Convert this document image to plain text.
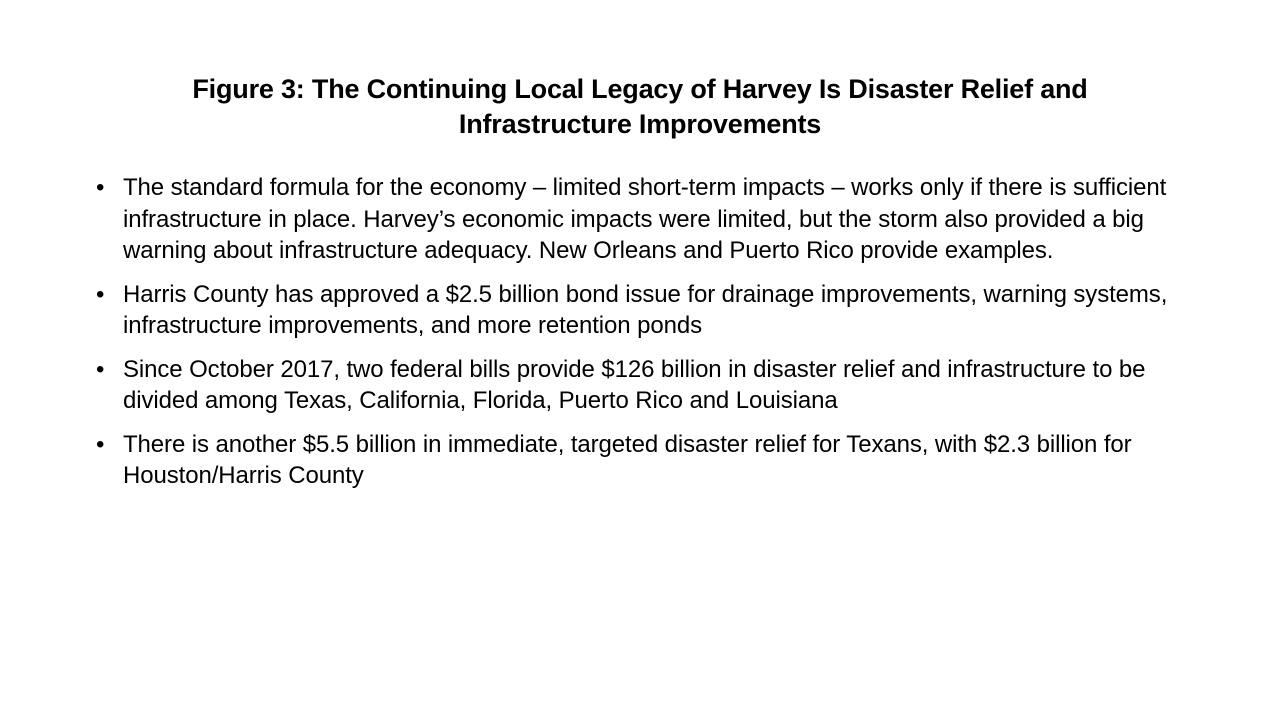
Figure 3: The Continuing Local Legacy of Harvey Is Disaster Relief and
Infrastructure Improvements
• The standard formula for the economy – limited short-term impacts – works only if there is sufficient infrastructure in place. Harvey’s economic impacts were limited, but the storm also provided a big warning about infrastructure adequacy. New Orleans and Puerto Rico provide examples.
• Harris County has approved a $2.5 billion bond issue for drainage improvements, warning systems, infrastructure improvements, and more retention ponds
• Since October 2017, two federal bills provide $126 billion in disaster relief and infrastructure to be divided among Texas, California, Florida, Puerto Rico and Louisiana
• There is another $5.5 billion in immediate, targeted disaster relief for Texans, with $2.3 billion for Houston/Harris County
